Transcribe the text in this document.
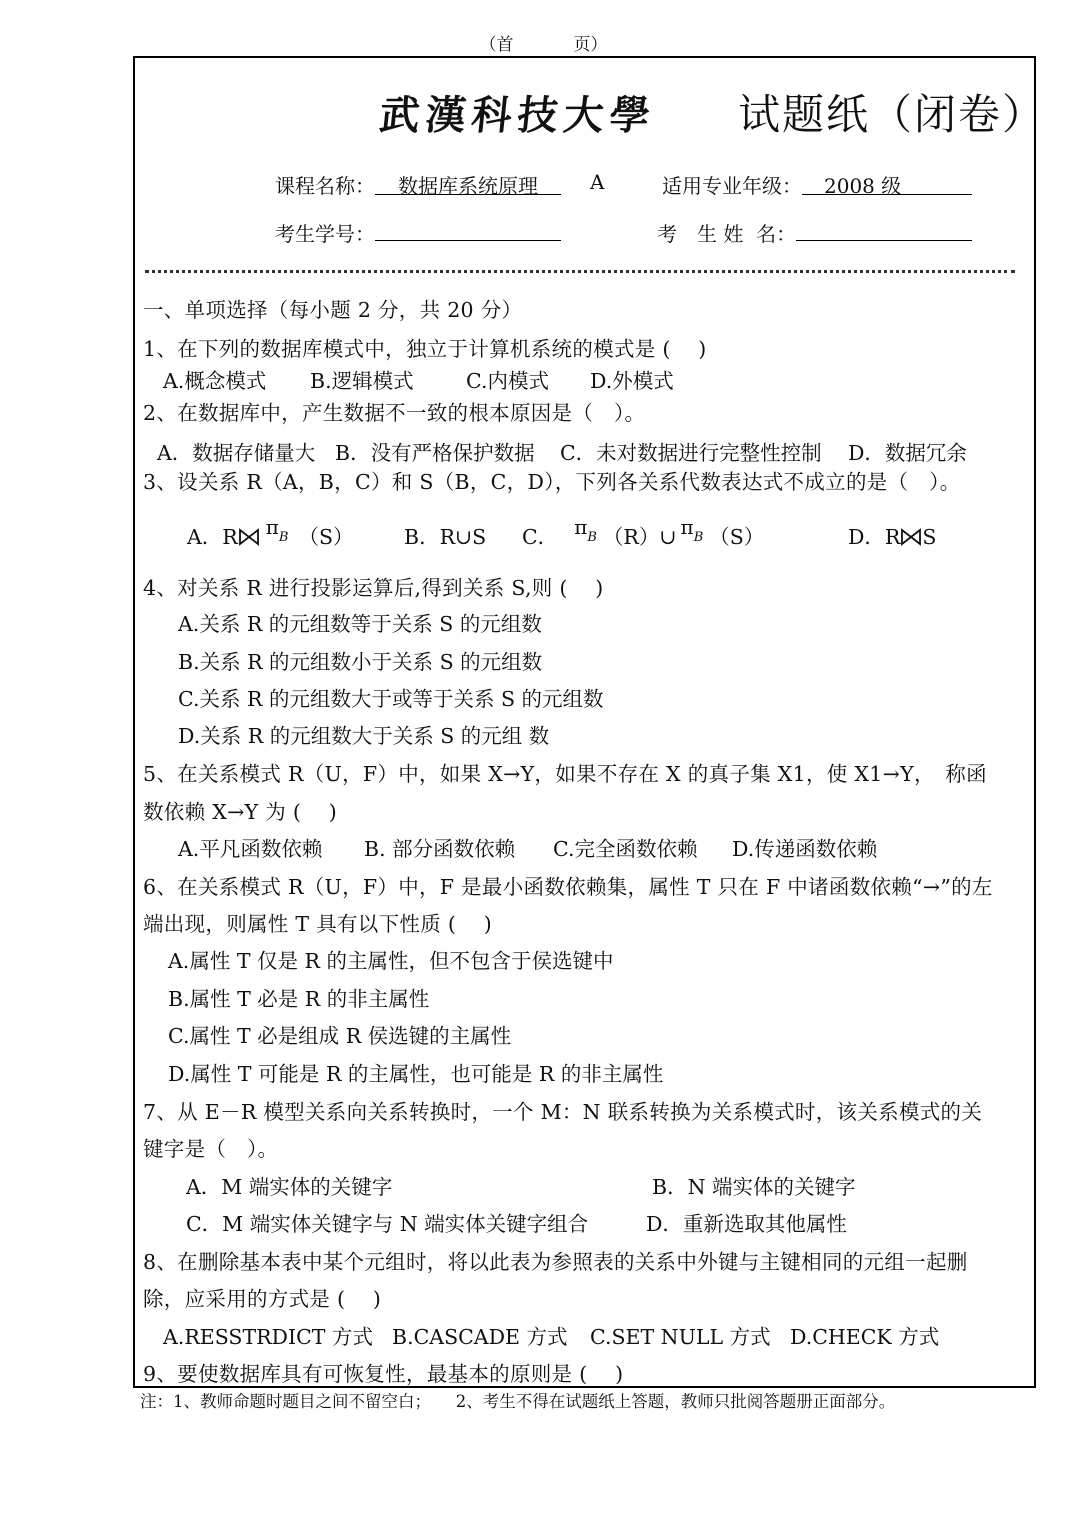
（首	页）
武漢科技大學 试题纸（闭卷）
课程名称： 数据库系统原理	A	适用专业年级： 2008 级
考生学号：	考　生 姓  名：
一、单项选择（每小题 2 分，共 20 分）
1、在下列的数据库模式中，独立于计算机系统的模式是 (　 )
A.概念模式 B.逻辑模式	C.内模式 D.外模式
2、在数据库中，产生数据不一致的根本原因是（　）。
A．数据存储量大 B．没有严格保护数据 C．未对数据进行完整性控制 D．数据冗余
3、设关系 R（A，B，C）和 S（B，C，D），下列各关系代数表达式不成立的是（　）。
A．R $\pi_B$ （S） B．R∪S C． $\pi_B$ （R）∪ $\pi_B$ （S）	D．R S
4、对关系 R 进行投影运算后,得到关系 S,则 (　 )
A.关系 R 的元组数等于关系 S 的元组数
B.关系 R 的元组数小于关系 S 的元组数
C.关系 R 的元组数大于或等于关系 S 的元组数
D.关系 R 的元组数大于关系 S 的元组 数
5、在关系模式 R（U，F）中，如果 X→Y，如果不存在 X 的真子集 X1，使 X1→Y，　称函
数依赖 X→Y 为 (　 )
A.平凡函数依赖 B. 部分函数依赖 C.完全函数依赖 D.传递函数依赖
6、在关系模式 R（U，F）中，F 是最小函数依赖集，属性 T 只在 F 中诸函数依赖“→”的左
端出现，则属性 T 具有以下性质 (　 )
A.属性 T 仅是 R 的主属性，但不包含于侯选键中
B.属性 T 必是 R 的非主属性
C.属性 T 必是组成 R 侯选键的主属性
D.属性 T 可能是 R 的主属性，也可能是 R 的非主属性
7、从 E－R 模型关系向关系转换时，一个 M：N 联系转换为关系模式时，该关系模式的关
键字是（　）。
A．M 端实体的关键字	B．N 端实体的关键字
C．M 端实体关键字与 N 端实体关键字组合	D．重新选取其他属性
8、在删除基本表中某个元组时，将以此表为参照表的关系中外键与主键相同的元组一起删
除，应采用的方式是 (　 )
A.RESSTRDICT 方式 B.CASCADE 方式 C.SET NULL 方式 D.CHECK 方式
9、要使数据库具有可恢复性，最基本的原则是 (　 )
注：1、教师命题时题目之间不留空白；　　2、考生不得在试题纸上答题，教师只批阅答题册正面部分。
